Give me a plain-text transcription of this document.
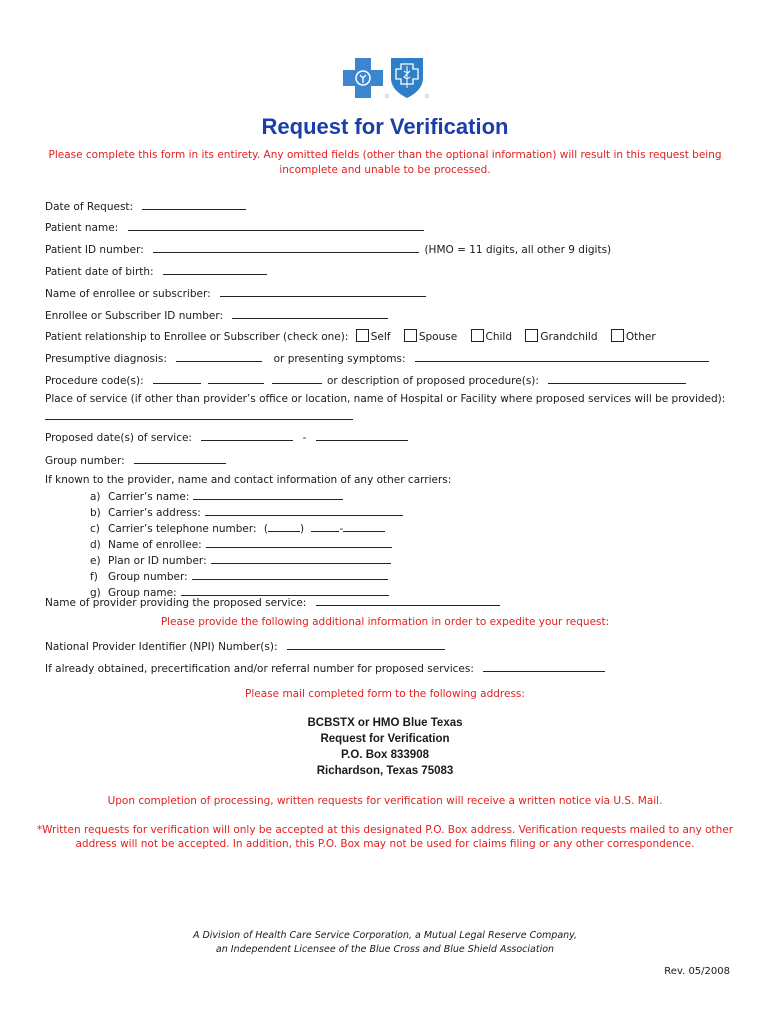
Request for Verification
Please complete this form in its entirety. Any omitted fields (other than the optional information) will result in this request being incomplete and unable to be processed.
Date of Request:
Patient name:
Patient ID number:	(HMO = 11 digits, all other 9 digits)
Patient date of birth:
Name of enrollee or subscriber:
Enrollee or Subscriber ID number:
Patient relationship to Enrollee or Subscriber (check one): Self	Spouse	Child	Grandchild	Other
Presumptive diagnosis:	or presenting symptoms:
Procedure code(s):	or description of proposed procedure(s):
Place of service (if other than provider’s office or location, name of Hospital or Facility where proposed services will be provided):
Proposed date(s) of service:	-
Group number:
If known to the provider, name and contact information of any other carriers:
a) Carrier’s name:
b) Carrier’s address:
c) Carrier’s telephone number: (	)	-
d) Name of enrollee:
e) Plan or ID number:
f) Group number:
g) Group name:
Name of provider providing the proposed service:
Please provide the following additional information in order to expedite your request:
National Provider Identifier (NPI) Number(s):
If already obtained, precertification and/or referral number for proposed services:
Please mail completed form to the following address:
BCBSTX or HMO Blue Texas
Request for Verification
P.O. Box 833908
Richardson, Texas 75083
Upon completion of processing, written requests for verification will receive a written notice via U.S. Mail.
*Written requests for verification will only be accepted at this designated P.O. Box address. Verification requests mailed to any other
address will not be accepted. In addition, this P.O. Box may not be used for claims filing or any other correspondence.
A Division of Health Care Service Corporation, a Mutual Legal Reserve Company,
an Independent Licensee of the Blue Cross and Blue Shield Association
Rev. 05/2008
